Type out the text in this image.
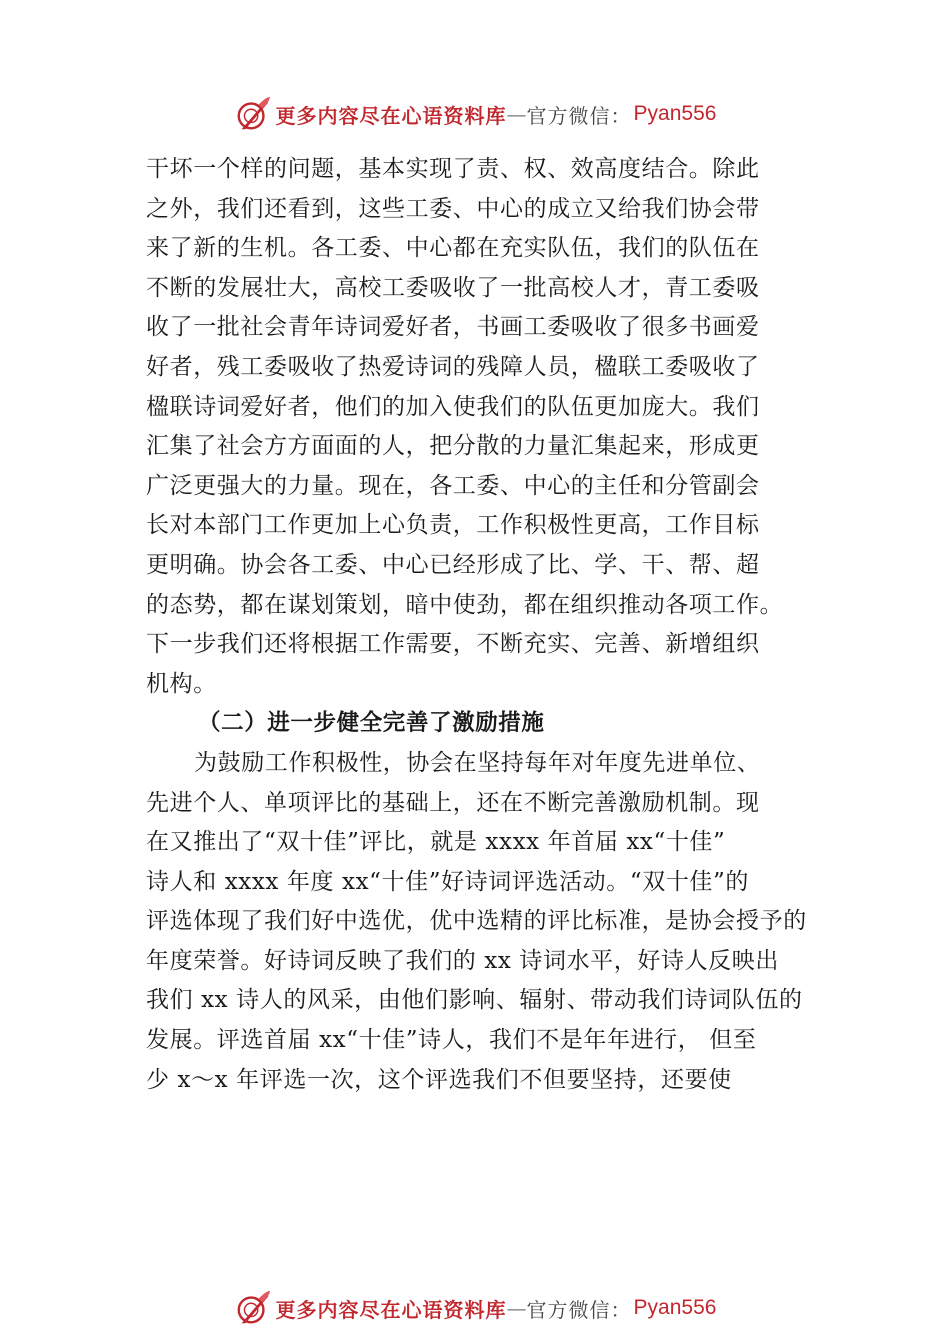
更多内容尽在心语资料库 — 官方微信： Pyan556
干坏一个样的问题，基本实现了责、权、效高度结合。除此
之外，我们还看到，这些工委、中心的成立又给我们协会带
来了新的生机。各工委、中心都在充实队伍，我们的队伍在
不断的发展壮大，高校工委吸收了一批高校人才，青工委吸
收了一批社会青年诗词爱好者，书画工委吸收了很多书画爱
好者，残工委吸收了热爱诗词的残障人员，楹联工委吸收了
楹联诗词爱好者，他们的加入使我们的队伍更加庞大。我们
汇集了社会方方面面的人，把分散的力量汇集起来，形成更
广泛更强大的力量。现在，各工委、中心的主任和分管副会
长对本部门工作更加上心负责，工作积极性更高，工作目标
更明确。协会各工委、中心已经形成了比、学、干、帮、超
的态势，都在谋划策划，暗中使劲，都在组织推动各项工作。
下一步我们还将根据工作需要，不断充实、完善、新增组织
机构。
（二）进一步健全完善了激励措施
为鼓励工作积极性，协会在坚持每年对年度先进单位、
先进个人、单项评比的基础上，还在不断完善激励机制。现
在又推出了“双十佳”评比，就是 xxxx 年首届 xx“十佳”
诗人和 xxxx 年度 xx“十佳”好诗词评选活动。“双十佳”的
评选体现了我们好中选优，优中选精的评比标准，是协会授予的
年度荣誉。好诗词反映了我们的 xx 诗词水平，好诗人反映出
我们 xx 诗人的风采，由他们影响、辐射、带动我们诗词队伍的
发展。评选首届 xx“十佳”诗人，我们不是年年进行， 但至
少 x～x 年评选一次，这个评选我们不但要坚持，还要使
更多内容尽在心语资料库 — 官方微信： Pyan556
